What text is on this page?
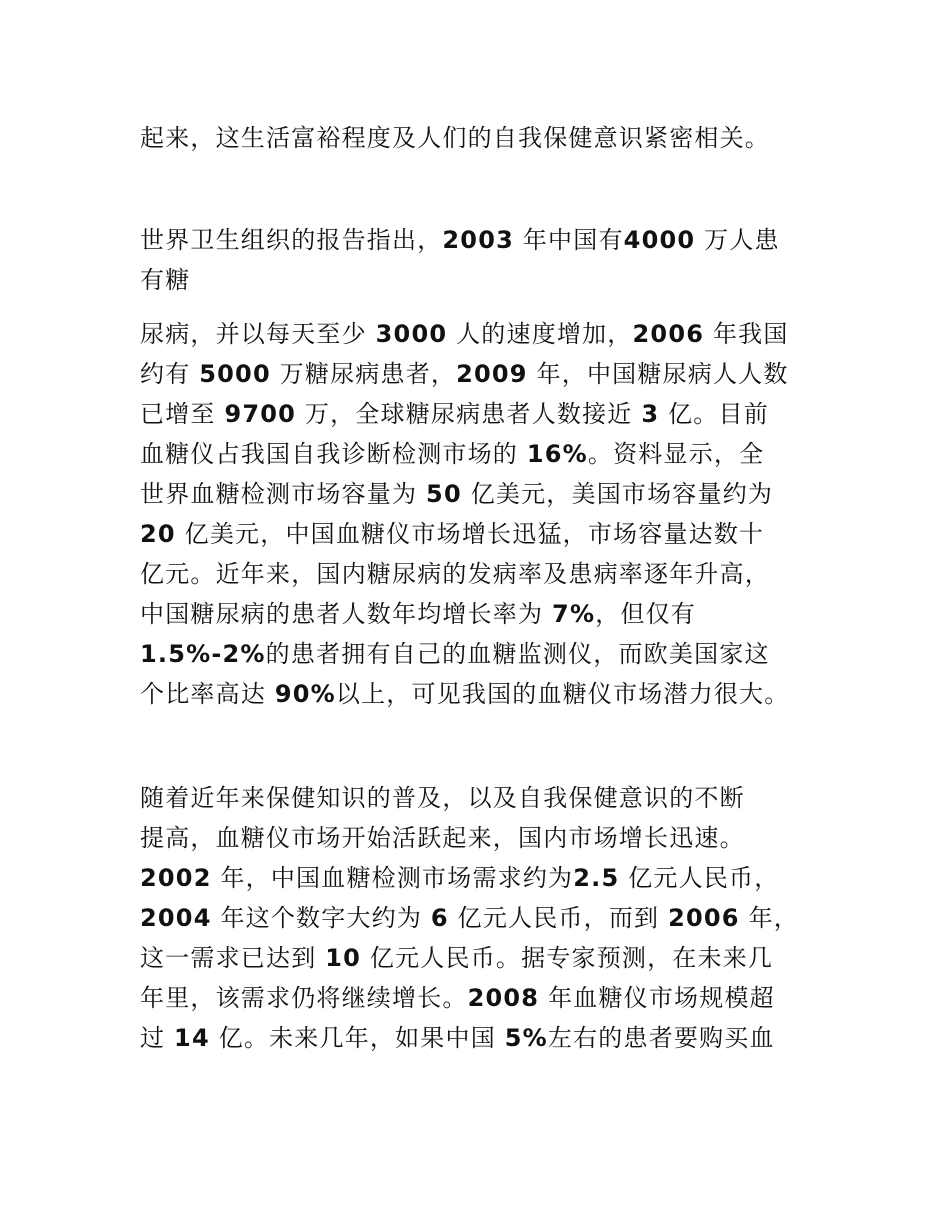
起来，这生活富裕程度及人们的自我保健意识紧密相关。
世界卫生组织的报告指出，2003 年中国有4000 万人患
有糖
尿病，并以每天至少 3000 人的速度增加，2006 年我国
约有 5000 万糖尿病患者，2009 年，中国糖尿病人人数
已增至 9700 万，全球糖尿病患者人数接近 3 亿。目前
血糖仪占我国自我诊断检测市场的 16%。资料显示，全
世界血糖检测市场容量为 50 亿美元，美国市场容量约为
20 亿美元，中国血糖仪市场增长迅猛，市场容量达数十
亿元。近年来，国内糖尿病的发病率及患病率逐年升高，
中国糖尿病的患者人数年均增长率为 7%，但仅有
1.5%-2%的患者拥有自己的血糖监测仪，而欧美国家这
个比率高达 90%以上，可见我国的血糖仪市场潜力很大。
随着近年来保健知识的普及，以及自我保健意识的不断
提高，血糖仪市场开始活跃起来，国内市场增长迅速。
2002 年，中国血糖检测市场需求约为2.5 亿元人民币，
2004 年这个数字大约为 6 亿元人民币，而到 2006 年，
这一需求已达到 10 亿元人民币。据专家预测，在未来几
年里，该需求仍将继续增长。2008 年血糖仪市场规模超
过 14 亿。未来几年，如果中国 5%左右的患者要购买血
